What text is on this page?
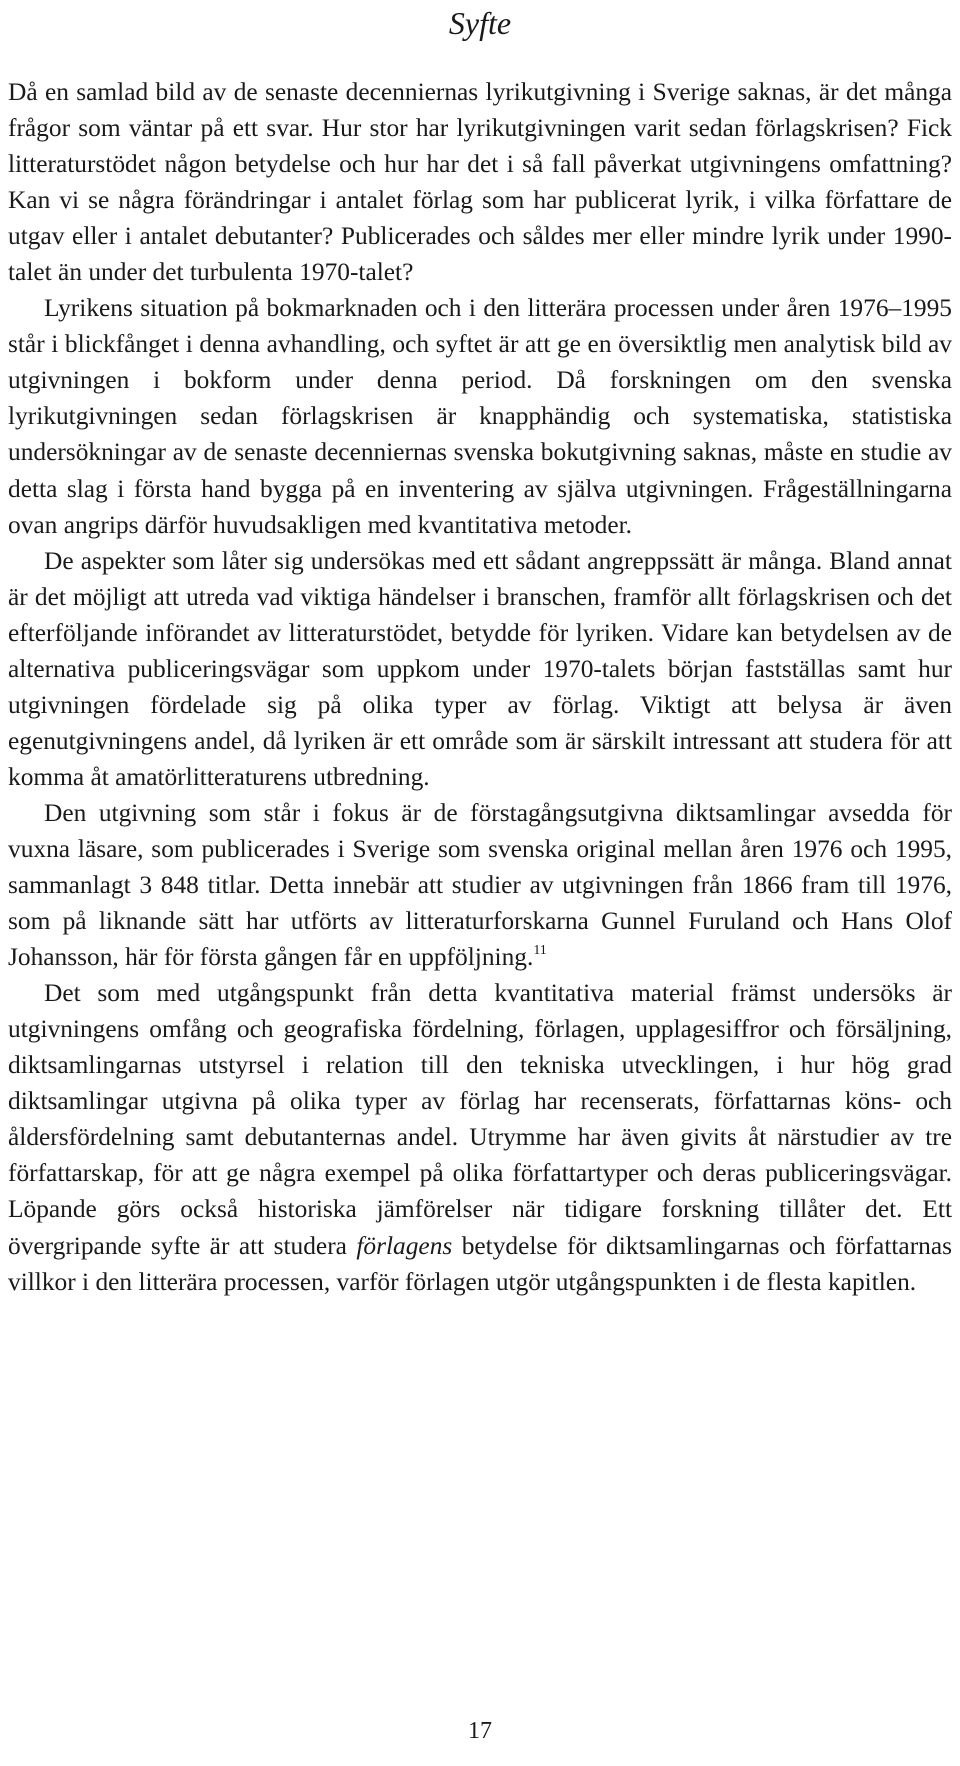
Syfte

Då en samlad bild av de senaste decenniernas lyrikutgivning i Sverige saknas, är det många frågor som väntar på ett svar. Hur stor har lyrikutgivningen varit sedan förlagskrisen? Fick litteraturstödet någon betydelse och hur har det i så fall påverkat utgivningens omfattning? Kan vi se några förändringar i antalet förlag som har publicerat lyrik, i vilka författare de utgav eller i antalet debutanter? Publicerades och såldes mer eller mindre lyrik under 1990-talet än under det turbulenta 1970-talet?

Lyrikens situation på bokmarknaden och i den litterära processen under åren 1976–1995 står i blickfånget i denna avhandling, och syftet är att ge en översiktlig men analytisk bild av utgivningen i bokform under denna period. Då forskningen om den svenska lyrikutgivningen sedan förlagskrisen är knapphändig och systematiska, statistiska undersökningar av de senaste decenniernas svenska bokutgivning saknas, måste en studie av detta slag i första hand bygga på en inventering av själva utgivningen. Frågeställningarna ovan angrips därför huvudsakligen med kvantitativa metoder.

De aspekter som låter sig undersökas med ett sådant angreppssätt är många. Bland annat är det möjligt att utreda vad viktiga händelser i branschen, framför allt förlagskrisen och det efterföljande införandet av litteraturstödet, betydde för lyriken. Vidare kan betydelsen av de alternativa publiceringsvägar som uppkom under 1970-talets början fastställas samt hur utgivningen fördelade sig på olika typer av förlag. Viktigt att belysa är även egenutgivningens andel, då lyriken är ett område som är särskilt intressant att studera för att komma åt amatörlitteraturens utbredning.

Den utgivning som står i fokus är de förstagångsutgivna diktsamlingar avsedda för vuxna läsare, som publicerades i Sverige som svenska original mellan åren 1976 och 1995, sammanlagt 3 848 titlar. Detta innebär att studier av utgivningen från 1866 fram till 1976, som på liknande sätt har utförts av litteraturforskarna Gunnel Furuland och Hans Olof Johansson, här för första gången får en uppföljning.$^{11}$

Det som med utgångspunkt från detta kvantitativa material främst undersöks är utgivningens omfång och geografiska fördelning, förlagen, upplagesiffror och försäljning, diktsamlingarnas utstyrsel i relation till den tekniska utvecklingen, i hur hög grad diktsamlingar utgivna på olika typer av förlag har recenserats, författarnas köns- och åldersfördelning samt debutanternas andel. Utrymme har även givits åt närstudier av tre författarskap, för att ge några exempel på olika författartyper och deras publiceringsvägar. Löpande görs också historiska jämförelser när tidigare forskning tillåter det. Ett övergripande syfte är att studera förlagens betydelse för diktsamlingarnas och författarnas villkor i den litterära processen, varför förlagen utgör utgångspunkten i de flesta kapitlen.

17
